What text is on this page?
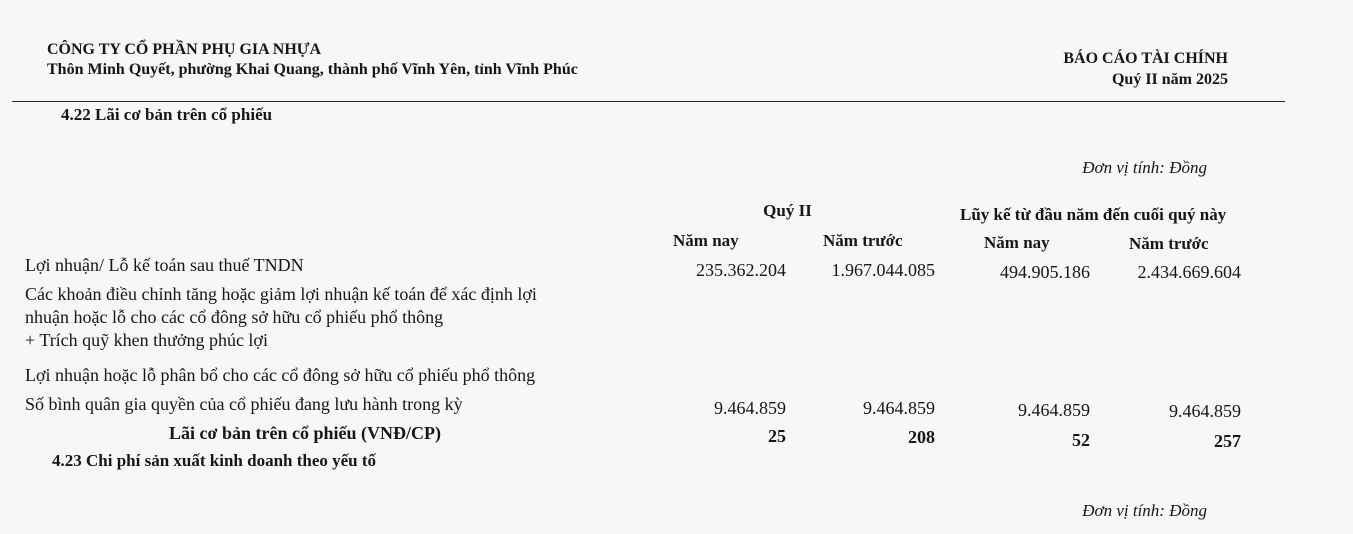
CÔNG TY CỔ PHẦN PHỤ GIA NHỰA
Thôn Minh Quyết, phường Khai Quang, thành phố Vĩnh Yên, tỉnh Vĩnh Phúc
BÁO CÁO TÀI CHÍNH
Quý II năm 2025
4.22 Lãi cơ bản trên cổ phiếu
Đơn vị tính: Đồng
Quý II	Lũy kế từ đầu năm đến cuối quý này
Năm nay	Năm trước	Năm nay	Năm trước
Lợi nhuận/ Lỗ kế toán sau thuế TNDN	235.362.204	1.967.044.085	494.905.186	2.434.669.604
Các khoản điều chỉnh tăng hoặc giảm lợi nhuận kế toán để xác định lợi
nhuận hoặc lỗ cho các cổ đông sở hữu cổ phiếu phổ thông
+ Trích quỹ khen thưởng phúc lợi
Lợi nhuận hoặc lỗ phân bổ cho các cổ đông sở hữu cổ phiếu phổ thông
Số bình quân gia quyền của cổ phiếu đang lưu hành trong kỳ	9.464.859	9.464.859	9.464.859	9.464.859
Lãi cơ bản trên cổ phiếu (VNĐ/CP)	25	208	52	257
4.23 Chi phí sản xuất kinh doanh theo yếu tố
Đơn vị tính: Đồng
